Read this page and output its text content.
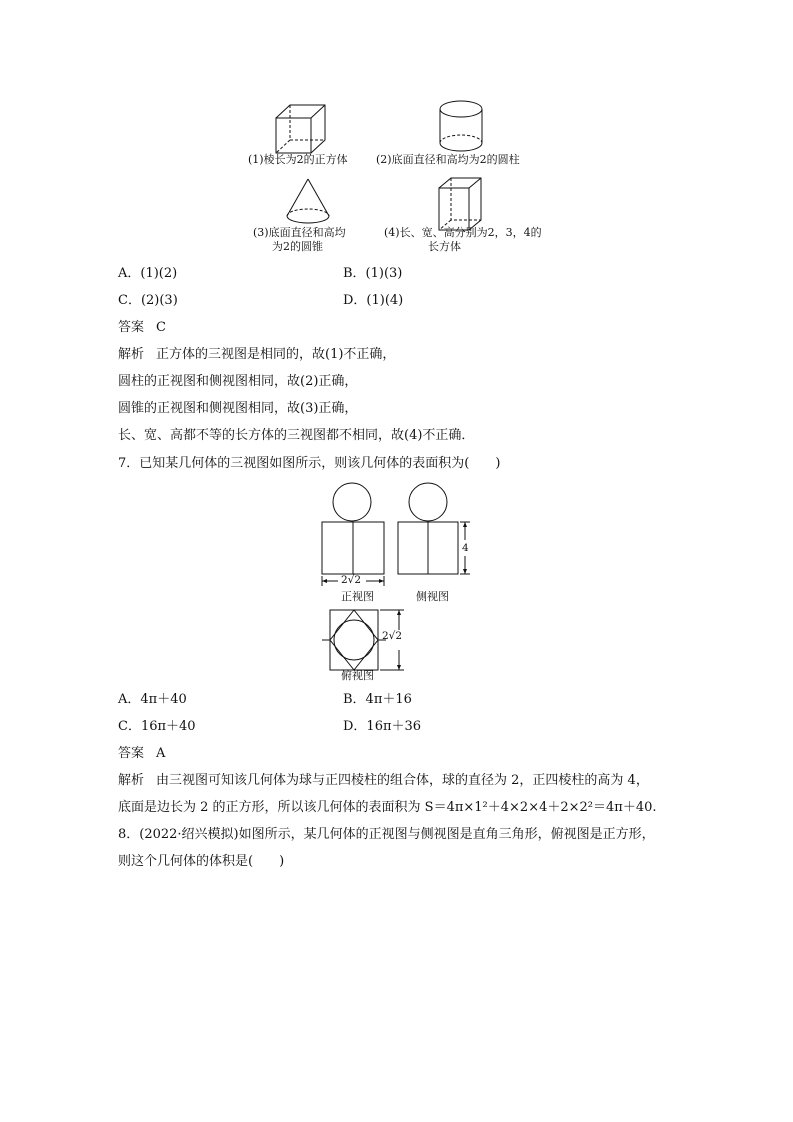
(1)棱长为2的正方体	(2)底面直径和高均为2的圆柱
(3)底面直径和高均
为2的圆锥
(4)长、宽、高分别为2，3，4的
长方体
A．(1)(2)	B．(1)(3)
C．(2)(3)	D．(1)(4)
答案 C
解析 正方体的三视图是相同的，故(1)不正确，
圆柱的正视图和侧视图相同，故(2)正确，
圆锥的正视图和侧视图相同，故(3)正确，
长、宽、高都不等的长方体的三视图都不相同，故(4)不正确．
7．已知某几何体的三视图如图所示，则该几何体的表面积为(　　)
2√2
正视图
4
侧视图
2√2
俯视图
A．4π＋40	B．4π＋16
C．16π＋40	D．16π＋36
答案 A
解析 由三视图可知该几何体为球与正四棱柱的组合体，球的直径为 2，正四棱柱的高为 4，
底面是边长为 2 的正方形，所以该几何体的表面积为 S＝4π×1²＋4×2×4＋2×2²＝4π＋40.
8．(2022·绍兴模拟)如图所示，某几何体的正视图与侧视图是直角三角形，俯视图是正方形，
则这个几何体的体积是(　　)
